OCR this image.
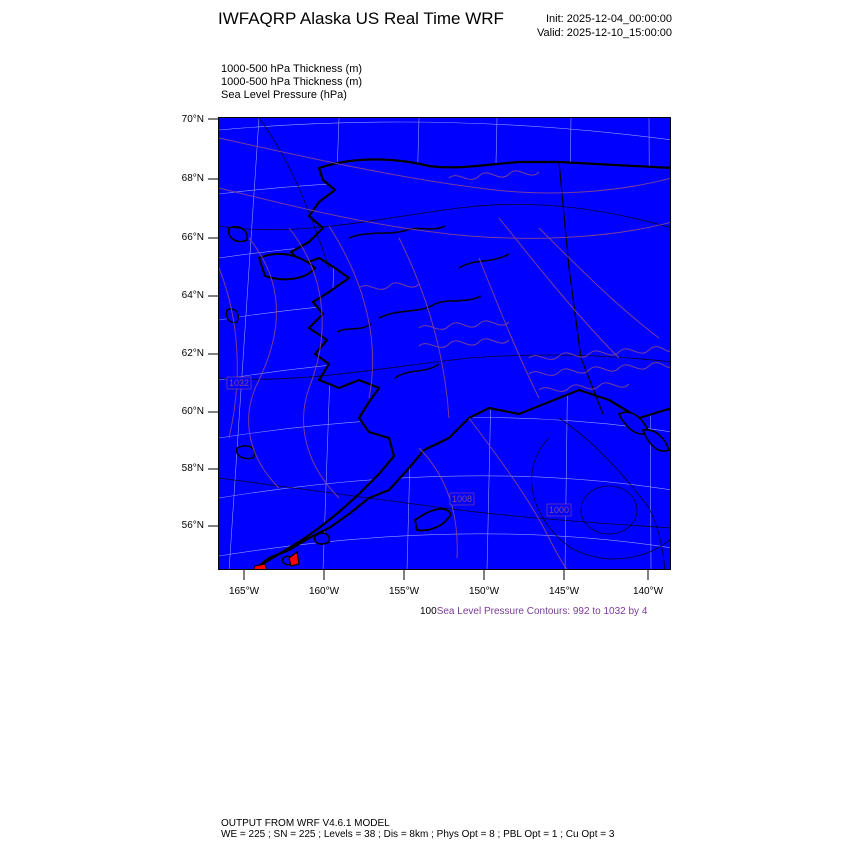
IWFAQRP Alaska US Real Time WRF	Init: 2025-12-04_00:00:00
Valid: 2025-12-10_15:00:00
1000-500 hPa Thickness (m)
1000-500 hPa Thickness (m)
Sea Level Pressure (hPa)
70°N
68°N
66°N
64°N
62°N
60°N
58°N
56°N
1032
1008
1000
165°W	160°W	155°W	150°W	145°W	140°W
100Sea Level Pressure Contours: 992 to 1032 by 4
OUTPUT FROM WRF V4.6.1 MODEL
WE = 225 ; SN = 225 ; Levels = 38 ; Dis = 8km ; Phys Opt = 8 ; PBL Opt = 1 ; Cu Opt = 3
